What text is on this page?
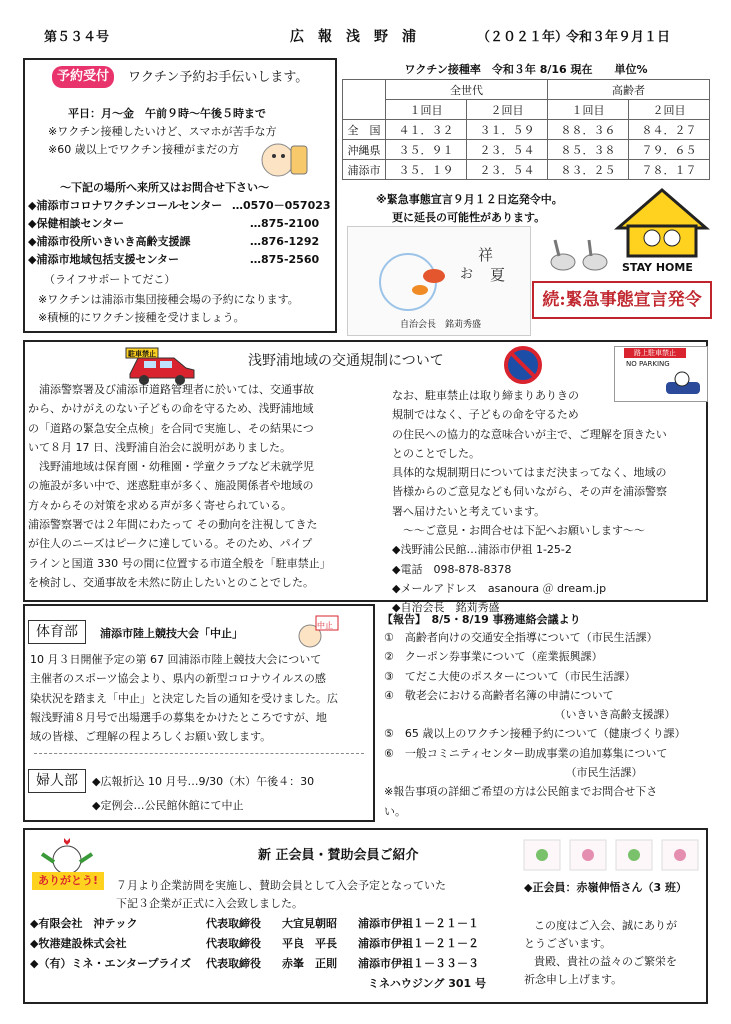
第５３４号	広　報　浅　野　浦	（２０２１年）
令和３年９月１日
予約受付中
ワクチン予約お手伝いします。
平日：月～金　午前９時～午後５時まで
※ワクチン接種したいけど、スマホが苦手な方
※60 歳以上でワクチン接種がまだの方
～下記の場所へ来所又はお問合せ下さい～
◆浦添市コロナワクチンコールセンター …0570－057023
◆保健相談センター	…875-2100
◆浦添市役所いきいき高齢支援課	…876-1292
◆浦添市地域包括支援センター	…875-2560
（ライフサポートてだこ）
※ワクチンは浦添市集団接種会場の予約になります。
※積極的にワクチン接種を受けましょう。
ワクチン接種率　令和３年 8/16 現在　　単位%
	全世代		高齢者	
	１回目	２回目	１回目	２回目
全　国	４１．３２	３１．５９	８８．３６	８４．２７
沖縄県	３５．９１	２３．５４	８５．３８	７９．６５
浦添市	３５．１９	２３．５４	８３．２５	７８．１７
※緊急事態宣言９月１２日迄発令中。
更に延長の可能性があります。
祥
夏
お
自治会長　銘苅秀盛
STAY HOME
続:緊急事態宣言発令
駐車禁止	浅野浦地域の交通規制について	路上駐車禁止
NO PARKING

　浦添警察署及び浦添市道路管理者に於いては、交通事故

から、かけがえのない子どもの命を守るため、浅野浦地域

の「道路の緊急安全点検」を合同で実施し、その結果につ

いて８月 17 日、浅野浦自治会に説明がありました。

　浅野浦地域は保育園・幼稚園・学童クラブなど未就学児

の施設が多い中で、迷惑駐車が多く、施設関係者や地域の

方々からその対策を求める声が多く寄せられている。

浦添警察署では２年間にわたって その動向を注視してきた

が住人のニーズはピークに達している。そのため、パイプ

ラインと国道 330 号の間に位置する市道全般を「駐車禁止」

を検討し、交通事故を未然に防止したいとのことでした。

なお、駐車禁止は取り締まりありきの

規制ではなく、子どもの命を守るため

の住民への協力的な意味合いが主で、ご理解を頂きたい

とのことでした。

具体的な規制期日についてはまだ決まってなく、地域の

皆様からのご意見なども伺いながら、その声を浦添警察

署へ届けたいと考えています。

　～～ご意見・お問合せは下記へお願いします～～

◆浅野浦公民館…浦添市伊祖 1-25-2

◆電話　098-878-8378

◆メールアドレス　asanoura ＠ dream.jp

◆自治会長　銘苅秀盛

体育部	浦添市陸上競技大会「中止」
中止

10 月３日開催予定の第 67 回浦添市陸上競技大会について

主催者のスポーツ協会より、県内の新型コロナウイルスの感

染状況を踏まえ「中止」と決定した旨の通知を受けました。広

報浅野浦８月号で出場選手の募集をかけたところですが、地

域の皆様、ご理解の程よろしくお願い致します。

婦人部	◆広報折込 10 月号…9/30（木）午後４：30
◆定例会…公民館休館にて中止
【報告】　8/5・8/19 事務連絡会議より

①　高齢者向けの交通安全指導について（市民生活課）

②　クーポン券事業について（産業振興課）

③　てだこ大使のポスターについて（市民生活課）

④　敬老会における高齢者名簿の申請について

　　　　　　　　　　　　　　　　（いきいき高齢支援課）

⑤　65 歳以上のワクチン接種予約について（健康づくり課）

⑥　一般コミニティセンター助成事業の追加募集について

　　　　　　　　　　　　　　　　　（市民生活課）

※報告事項の詳細ご希望の方は公民館までお問合せ下さ

い。

ありがとう!
新 正会員・賛助会員ご紹介
７月より企業訪問を実施し、賛助会員として入会予定となっていた
下記３企業が正式に入会致しました。
◆有限会社　沖テック	代表取締役 大宜見朝昭 浦添市伊祖１－２１－１
◆牧港建設株式会社	代表取締役 平良　平長 浦添市伊祖１－２１－２
◆（有）ミネ・エンタープライズ 代表取締役 赤峯　正則 浦添市伊祖１－３３－３
ミネハウジング 301 号
◆正会員：赤嶺伸悟さん（3 班）
この度はご入会、誠にありが
とうございます。
貴殿、貴社の益々のご繁栄を
祈念申し上げます。
